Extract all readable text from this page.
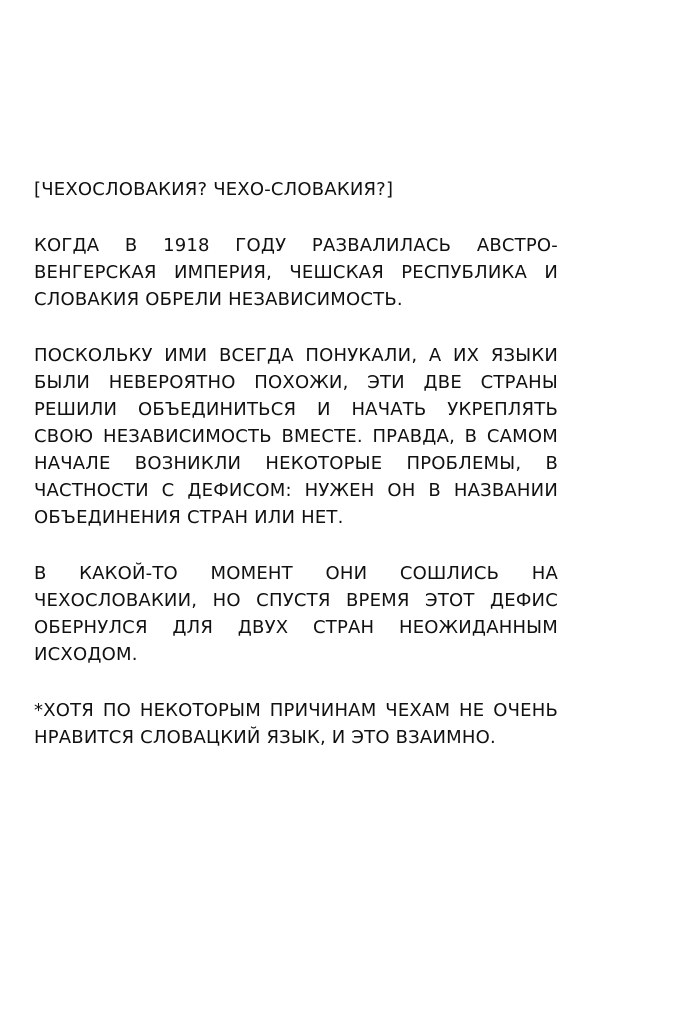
[ЧЕХОСЛОВАКИЯ? ЧЕХО-СЛОВАКИЯ?]

КОГДА В 1918 ГОДУ РАЗВАЛИЛАСЬ АВСТРО-ВЕНГЕРСКАЯ ИМПЕРИЯ, ЧЕШСКАЯ РЕСПУБЛИКА И СЛОВАКИЯ ОБРЕЛИ НЕЗАВИСИМОСТЬ.

ПОСКОЛЬКУ ИМИ ВСЕГДА ПОНУКАЛИ, А ИХ ЯЗЫКИ БЫЛИ НЕВЕРОЯТНО ПОХОЖИ, ЭТИ ДВЕ СТРАНЫ РЕШИЛИ ОБЪЕДИНИТЬСЯ И НАЧАТЬ УКРЕПЛЯТЬ СВОЮ НЕЗАВИСИМОСТЬ ВМЕСТЕ. ПРАВДА, В САМОМ НАЧАЛЕ ВОЗНИКЛИ НЕКОТОРЫЕ ПРОБЛЕМЫ, В ЧАСТНОСТИ С ДЕФИСОМ: НУЖЕН ОН В НАЗВАНИИ ОБЪЕДИНЕНИЯ СТРАН ИЛИ НЕТ.

В КАКОЙ-ТО МОМЕНТ ОНИ СОШЛИСЬ НА ЧЕХОСЛОВАКИИ, НО СПУСТЯ ВРЕМЯ ЭТОТ ДЕФИС ОБЕРНУЛСЯ ДЛЯ ДВУХ СТРАН НЕОЖИДАННЫМ ИСХОДОМ.

*ХОТЯ ПО НЕКОТОРЫМ ПРИЧИНАМ ЧЕХАМ НЕ ОЧЕНЬ НРАВИТСЯ СЛОВАЦКИЙ ЯЗЫК, И ЭТО ВЗАИМНО.
